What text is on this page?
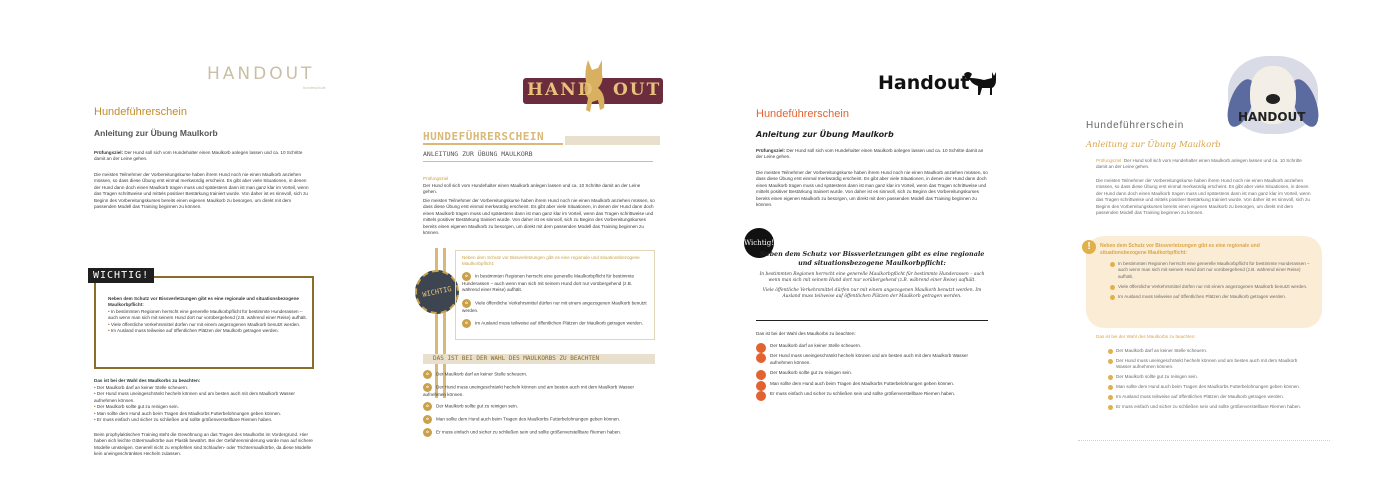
HANDOUT
hundeschule
Hundeführerschein
Anleitung zur Übung Maulkorb

Prüfungsziel: Der Hund soll sich vom Hundehalter einen Maulkorb anlegen lassen und ca. 10 Schritte damit an der Leine gehen.

Die meisten Teilnehmer der Vorbereitungskurse haben ihrem Hund noch nie einen Maulkorb anziehen müssen, so dass diese Übung erst einmal merkwürdig erscheint. Es gibt aber viele Situationen, in denen der Hund dann doch einen Maulkorb tragen muss und spätestens dann ist man ganz klar im Vorteil, wenn das Tragen schrittweise und mittels positiver Bestärkung trainiert wurde. Von daher ist es sinnvoll, sich zu Beginn des Vorbereitungskurses bereits einen eigenen Maulkorb zu besorgen, um direkt mit dem passenden Modell das Training beginnen zu können.

WICHTIG!

Neben dem Schutz vor Bissverletzungen gibt es eine regionale und situationsbezogene Maulkorbpflicht:

• In bestimmten Regionen herrscht eine generelle Maulkorbpflicht für bestimmte Hunderassen – auch wenn man sich mit seinem Hund dort nur vorübergehend (z.B. während einer Reise) aufhält.
• Viele öffentliche Verkehrsmittel dürfen nur mit einem angezogenen Maulkorb benutzt werden.
• Im Ausland muss teilweise auf öffentlichen Plätzen der Maulkorb getragen werden.

Das ist bei der Wahl des Maulkorbs zu beachten:

• Der Maulkorb darf an keiner Stelle scheuern.
• Der Hund muss uneingeschränkt hecheln können und am besten auch mit dem Maulkorb Wasser aufnehmen können.
• Der Maulkorb sollte gut zu reinigen sein.
• Man sollte dem Hund auch beim Tragen des Maulkorbs Futterbelohnungen geben können.
• Er muss einfach und sicher zu schließen und sollte größenverstellbare Riemen haben.

Beim prophylaktischen Training steht die Gewöhnung an das Tragen des Maulkorbs im Vordergrund. Hier haben sich leichte Gittermaulkörbe aus Plastik bewährt. Bei der Gefahrenminderung würde man auf sichere Modelle umsteigen. Generell nicht zu empfehlen sind Schlaufen- oder Trichtermaulkörbe, da diese Modelle kein uneingeschränktes Hecheln zulassen.

HAND OUT
HUNDEFÜHRERSCHEIN
ANLEITUNG ZUR ÜBUNG MAULKORB

Prüfungsziel

Der Hund soll sich vom Hundehalter einen Maulkorb anlegen lassen und ca. 10 Schritte damit an der Leine gehen.

Die meisten Teilnehmer der Vorbereitungskurse haben ihrem Hund noch nie einen Maulkorb anziehen müssen, so dass diese Übung erst einmal merkwürdig erscheint. Es gibt aber viele Situationen, in denen der Hund dann doch einen Maulkorb tragen muss und spätestens dann ist man ganz klar im Vorteil, wenn das Tragen schrittweise und mittels positiver Bestärkung trainiert wurde. Von daher ist es sinnvoll, sich zu Beginn des Vorbereitungskurses bereits einen eigenen Maulkorb zu besorgen, um direkt mit dem passenden Modell das Training beginnen zu können.

WICHTIG

Neben dem Schutz vor Bissverletzungen gibt es eine regionale und situationsbezogene Maulkorbpflicht:

✿ In bestimmten Regionen herrscht eine generelle Maulkorbpflicht für bestimmte Hunderassen – auch wenn man sich mit seinem Hund dort nur vorübergehend (z.B. während einer Reise) aufhält.

✿ Viele öffentliche Verkehrsmittel dürfen nur mit einem angezogenen Maulkorb benutzt werden.

✿ Im Ausland muss teilweise auf öffentlichen Plätzen der Maulkorb getragen werden.

DAS IST BEI DER WAHL DES MAULKORBS ZU BEACHTEN
✿ Der Maulkorb darf an keiner Stelle scheuern.
✿ Der Hund muss uneingeschränkt hecheln können und am besten auch mit dem Maulkorb Wasser aufnehmen können.
✿ Der Maulkorb sollte gut zu reinigen sein.
✿ Man sollte dem Hund auch beim Tragen des Maulkorbs Futterbelohnungen geben können.
✿ Er muss einfach und sicher zu schließen sein und sollte größenverstellbare Riemen haben.
Handout
Hundeführerschein
Anleitung zur Übung Maulkorb

Prüfungsziel: Der Hund soll sich vom Hundehalter einen Maulkorb anlegen lassen und ca. 10 Schritte damit an der Leine gehen.

Die meisten Teilnehmer der Vorbereitungskurse haben ihrem Hund noch nie einen Maulkorb anziehen müssen, so dass diese Übung erst einmal merkwürdig erscheint. Es gibt aber viele Situationen, in denen der Hund dann doch einen Maulkorb tragen muss und spätestens dann ist man ganz klar im Vorteil, wenn das Tragen schrittweise und mittels positiver Bestärkung trainiert wurde. Von daher ist es sinnvoll, sich zu Beginn des Vorbereitungskurses bereits einen eigenen Maulkorb zu besorgen, um direkt mit dem passenden Modell das Training beginnen zu können.

Wichtig!

Neben dem Schutz vor Bissverletzungen gibt es eine regionale und situationsbezogene Maulkorbpflicht:

In bestimmten Regionen herrscht eine generelle Maulkorbpflicht für bestimmte Hunderassen – auch wenn man sich mit seinem Hund dort nur vorübergehend (z.B. während einer Reise) aufhält.

Viele öffentliche Verkehrsmittel dürfen nur mit einem angezogenen Maulkorb benutzt werden. Im Ausland muss teilweise auf öffentlichen Plätzen der Maulkorb getragen werden.

Das ist bei der Wahl des Maulkorbs zu beachten:

Der Maulkorb darf an keiner Stelle scheuern.
Der Hund muss uneingeschränkt hecheln können und am besten auch mit dem Maulkorb Wasser aufnehmen können.
Der Maulkorb sollte gut zu reinigen sein.
Man sollte dem Hund auch beim Tragen des Maulkorbs Futterbelohnungen geben können.
Er muss einfach und sicher zu schließen sein und sollte größenverstellbare Riemen haben.
HANDOUT
Hundeführerschein
Anleitung zur Übung Maulkorb

Prüfungsziel: Der Hund soll sich vom Hundehalter einen Maulkorb anlegen lassen und ca. 10 Schritte damit an der Leine gehen.

Die meisten Teilnehmer der Vorbereitungskurse haben ihrem Hund noch nie einen Maulkorb anziehen müssen, so dass diese Übung erst einmal merkwürdig erscheint. Es gibt aber viele Situationen, in denen der Hund dann doch einen Maulkorb tragen muss und spätestens dann ist man ganz klar im Vorteil, wenn das Tragen schrittweise und mittels positiver Bestärkung trainiert wurde. Von daher ist es sinnvoll, sich zu Beginn des Vorbereitungskurses bereits einen eigenen Maulkorb zu besorgen, um direkt mit dem passenden Modell das Training beginnen zu können.

!	Neben dem Schutz vor Bissverletzungen gibt es eine regionale und situationsbezogene Maulkorbpflicht:

In bestimmten Regionen herrscht eine generelle Maulkorbpflicht für bestimmte Hunderassen – auch wenn man sich mit seinem Hund dort nur vorübergehend (z.B. während einer Reise) aufhält.
Viele öffentliche Verkehrsmittel dürfen nur mit einem angezogenen Maulkorb benutzt werden.
Im Ausland muss teilweise auf öffentlichen Plätzen der Maulkorb getragen werden.

Das ist bei der Wahl des Maulkorbs zu beachten:

Der Maulkorb darf an keiner Stelle scheuern.
Der Hund muss uneingeschränkt hecheln können und am besten auch mit dem Maulkorb Wasser aufnehmen können.
Der Maulkorb sollte gut zu reinigen sein.
Man sollte dem Hund auch beim Tragen des Maulkorbs Futterbelohnungen geben können.
Im Ausland muss teilweise auf öffentlichen Plätzen der Maulkorb getragen werden.
Er muss einfach und sicher zu schließen sein und sollte größenverstellbare Riemen haben.
